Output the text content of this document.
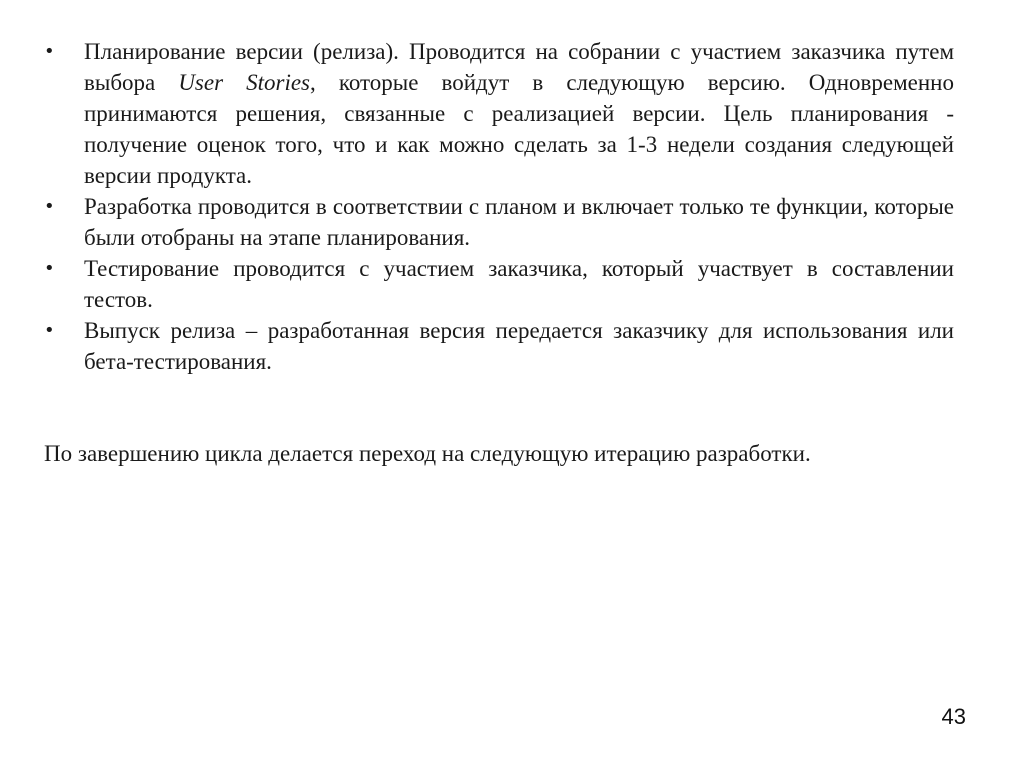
•	Планирование версии (релиза). Проводится на собрании с участием заказчика путем выбора User Stories, которые войдут в следующую версию. Одновременно принимаются решения, связанные с реализацией версии. Цель планирования - получение оценок того, что и как можно сделать за 1-3 недели создания следующей версии продукта.
•	Разработка проводится в соответствии с планом и включает только те функции, которые были отобраны на этапе планирования.
•	Тестирование проводится с участием заказчика, который участвует в составлении тестов.
•	Выпуск релиза – разработанная версия передается заказчику для использования или бета-тестирования.

По завершению цикла делается переход на следующую итерацию разработки.

43
